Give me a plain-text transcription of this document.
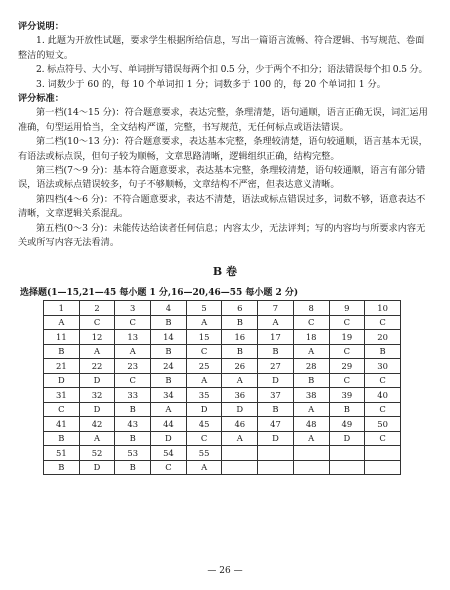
评分说明：
1. 此题为开放性试题，要求学生根据所给信息，写出一篇语言流畅、符合逻辑、书写规范、卷面整洁的短文。
2. 标点符号、大小写、单词拼写错误每两个扣 0.5 分，少于两个不扣分；语法错误每个扣 0.5 分。
3. 词数少于 60 的，每 10 个单词扣 1 分；词数多于 100 的，每 20 个单词扣 1 分。
评分标准：
第一档(14～15 分)：符合题意要求，表达完整，条理清楚，语句通顺，语言正确无误，词汇运用准确，句型运用恰当，全文结构严谨，完整，书写规范，无任何标点或语法错误。
第二档(10～13 分)：符合题意要求，表达基本完整，条理较清楚，语句较通顺，语言基本无误，有语法或标点误，但句子较为顺畅，文章思路清晰，逻辑组织正确，结构完整。
第三档(7～9 分)：基本符合题意要求，表达基本完整，条理较清楚，语句较通顺，语言有部分错误，语法或标点错误较多，句子不够顺畅，文章结构不严密，但表达意义清晰。
第四档(4～6 分)：不符合题意要求，表达不清楚，语法或标点错误过多，词数不够，语意表达不清晰，文章逻辑关系混乱。
第五档(0～3 分)：未能传达给读者任何信息；内容太少，无法评判；写的内容均与所要求内容无关或所写内容无法看清。
B 卷
选择题(1—15,21—45 每小题 1 分,16—20,46—55 每小题 2 分)
1	2	3	4	5	6	7	8	9	10
A	C	C	B	A	B	A	C	C	C
11	12	13	14	15	16	17	18	19	20
B	A	A	B	C	B	B	A	C	B
21	22	23	24	25	26	27	28	29	30
D	D	C	B	A	A	D	B	C	C
31	32	33	34	35	36	37	38	39	40
C	D	B	A	D	D	B	A	B	C
41	42	43	44	45	46	47	48	49	50
B	A	B	D	C	A	D	A	D	C
51	52	53	54	55					
B	D	B	C	A					
— 26 —
